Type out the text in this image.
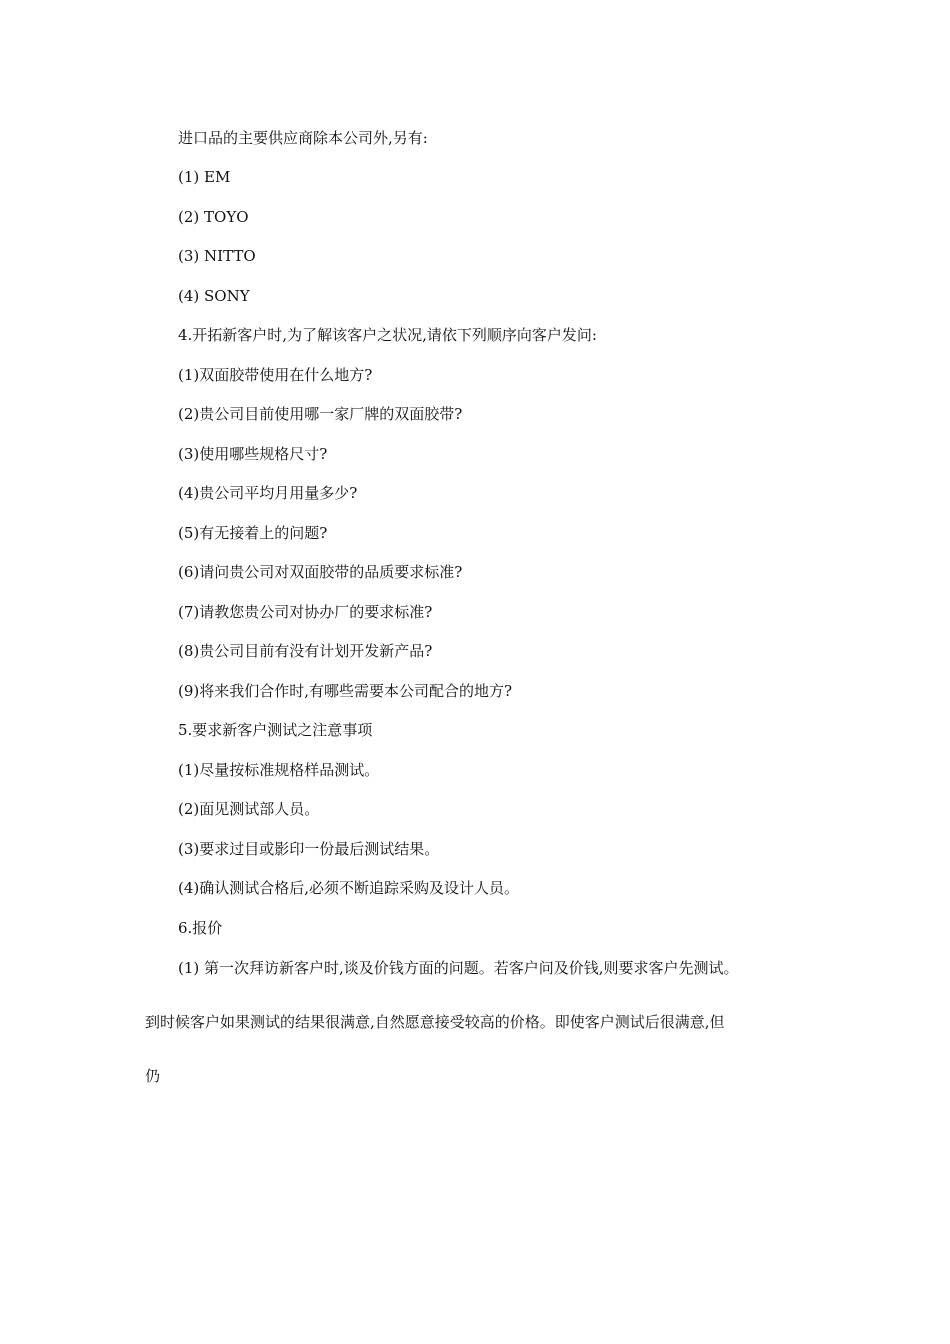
进口品的主要供应商除本公司外,另有:
(1) EM
(2) TOYO
(3) NITTO
(4) SONY
4.开拓新客户时,为了解该客户之状况,请依下列顺序向客户发问:
(1)双面胶带使用在什么地方?
(2)贵公司目前使用哪一家厂牌的双面胶带?
(3)使用哪些规格尺寸?
(4)贵公司平均月用量多少?
(5)有无接着上的问题?
(6)请问贵公司对双面胶带的品质要求标准?
(7)请教您贵公司对协办厂的要求标准?
(8)贵公司目前有没有计划开发新产品?
(9)将来我们合作时,有哪些需要本公司配合的地方?
5.要求新客户测试之注意事项
(1)尽量按标准规格样品测试。
(2)面见测试部人员。
(3)要求过目或影印一份最后测试结果。
(4)确认测试合格后,必须不断追踪采购及设计人员。
6.报价
(1) 第一次拜访新客户时,谈及价钱方面的问题。若客户问及价钱,则要求客户先测试。
到时候客户如果测试的结果很满意,自然愿意接受较高的价格。即使客户测试后很满意,但
仍
